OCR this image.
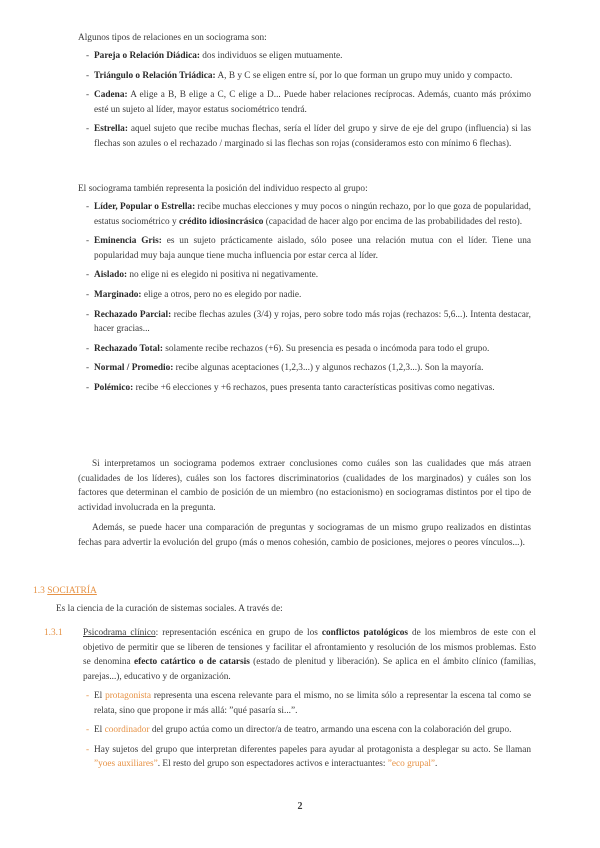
Algunos tipos de relaciones en un sociograma son:

- Pareja o Relación Diádica: dos individuos se eligen mutuamente.
- Triángulo o Relación Triádica: A, B y C se eligen entre sí, por lo que forman un grupo muy unido y compacto.
- Cadena: A elige a B, B elige a C, C elige a D... Puede haber relaciones recíprocas. Además, cuanto más próximo esté un sujeto al líder, mayor estatus sociométrico tendrá.
- Estrella: aquel sujeto que recibe muchas flechas, sería el líder del grupo y sirve de eje del grupo (influencia) si las flechas son azules o el rechazado / marginado si las flechas son rojas (consideramos esto con mínimo 6 flechas).

El sociograma también representa la posición del individuo respecto al grupo:

- Líder, Popular o Estrella: recibe muchas elecciones y muy pocos o ningún rechazo, por lo que goza de popularidad, estatus sociométrico y crédito idiosincrásico (capacidad de hacer algo por encima de las probabilidades del resto).
- Eminencia Gris: es un sujeto prácticamente aislado, sólo posee una relación mutua con el líder. Tiene una popularidad muy baja aunque tiene mucha influencia por estar cerca al líder.
- Aislado: no elige ni es elegido ni positiva ni negativamente.
- Marginado: elige a otros, pero no es elegido por nadie.
- Rechazado Parcial: recibe flechas azules (3/4) y rojas, pero sobre todo más rojas (rechazos: 5,6...). Intenta destacar, hacer gracias...
- Rechazado Total: solamente recibe rechazos (+6). Su presencia es pesada o incómoda para todo el grupo.
- Normal / Promedio: recibe algunas aceptaciones (1,2,3...) y algunos rechazos (1,2,3...). Son la mayoría.
- Polémico: recibe +6 elecciones y +6 rechazos, pues presenta tanto características positivas como negativas.

Si interpretamos un sociograma podemos extraer conclusiones como cuáles son las cualidades que más atraen (cualidades de los líderes), cuáles son los factores discriminatorios (cualidades de los marginados) y cuáles son los factores que determinan el cambio de posición de un miembro (no estacionismo) en sociogramas distintos por el tipo de actividad involucrada en la pregunta.

Además, se puede hacer una comparación de preguntas y sociogramas de un mismo grupo realizados en distintas fechas para advertir la evolución del grupo (más o menos cohesión, cambio de posiciones, mejores o peores vínculos...).

1.3 SOCIATRÍA

Es la ciencia de la curación de sistemas sociales. A través de:

1.3.1 Psicodrama clínico: representación escénica en grupo de los conflictos patológicos de los miembros de este con el objetivo de permitir que se liberen de tensiones y facilitar el afrontamiento y resolución de los mismos problemas. Esto se denomina efecto catártico o de catarsis (estado de plenitud y liberación). Se aplica en el ámbito clínico (familias, parejas...), educativo y de organización.

- El protagonista representa una escena relevante para el mismo, no se limita sólo a representar la escena tal como se relata, sino que propone ir más allá: ”qué pasaría si...”.
- El coordinador del grupo actúa como un director/a de teatro, armando una escena con la colaboración del grupo.
- Hay sujetos del grupo que interpretan diferentes papeles para ayudar al protagonista a desplegar su acto. Se llaman ”yoes auxiliares”. El resto del grupo son espectadores activos e interactuantes: ”eco grupal”.
2
